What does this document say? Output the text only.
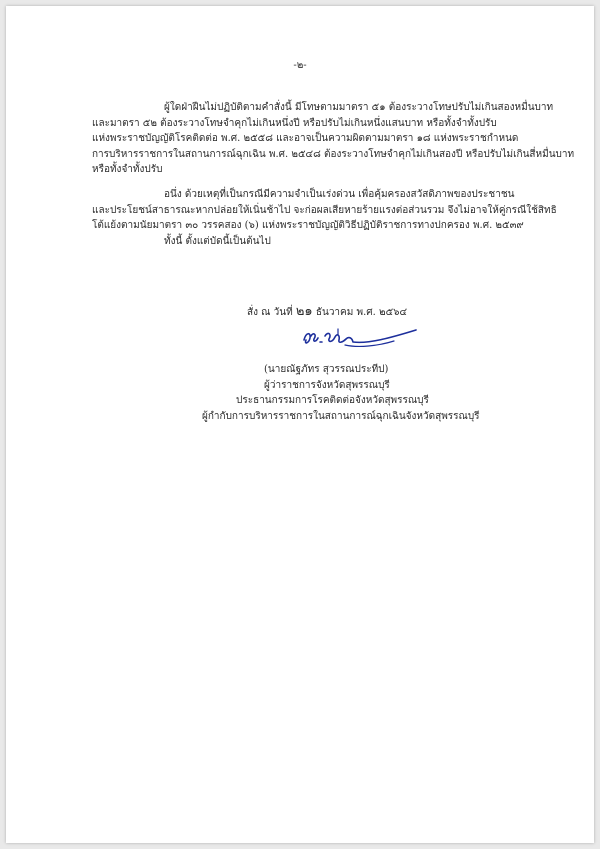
-๒-

ผู้ใดฝ่าฝืนไม่ปฏิบัติตามคำสั่งนี้ มีโทษตามมาตรา ๕๑ ต้องระวางโทษปรับไม่เกินสองหมื่นบาท

และมาตรา ๕๒ ต้องระวางโทษจำคุกไม่เกินหนึ่งปี หรือปรับไม่เกินหนึ่งแสนบาท หรือทั้งจำทั้งปรับ

แห่งพระราชบัญญัติโรคติดต่อ พ.ศ. ๒๕๕๘ และอาจเป็นความผิดตามมาตรา ๑๘ แห่งพระราชกำหนด

การบริหารราชการในสถานการณ์ฉุกเฉิน พ.ศ. ๒๕๔๘ ต้องระวางโทษจำคุกไม่เกินสองปี หรือปรับไม่เกินสี่หมื่นบาท

หรือทั้งจำทั้งปรับ

อนึ่ง ด้วยเหตุที่เป็นกรณีมีความจำเป็นเร่งด่วน เพื่อคุ้มครองสวัสดิภาพของประชาชน

และประโยชน์สาธารณะหากปล่อยให้เนิ่นช้าไป จะก่อผลเสียหายร้ายแรงต่อส่วนรวม จึงไม่อาจให้คู่กรณีใช้สิทธิ

โต้แย้งตามนัยมาตรา ๓๐ วรรคสอง (๖) แห่งพระราชบัญญัติวิธีปฏิบัติราชการทางปกครอง พ.ศ. ๒๕๓๙

ทั้งนี้ ตั้งแต่บัดนี้เป็นต้นไป

สั่ง ณ วันที่ ๒๑ ธันวาคม พ.ศ. ๒๕๖๔

(นายณัฐภัทร สุวรรณประทีป)

ผู้ว่าราชการจังหวัดสุพรรณบุรี

ประธานกรรมการโรคติดต่อจังหวัดสุพรรณบุรี

ผู้กำกับการบริหารราชการในสถานการณ์ฉุกเฉินจังหวัดสุพรรณบุรี
